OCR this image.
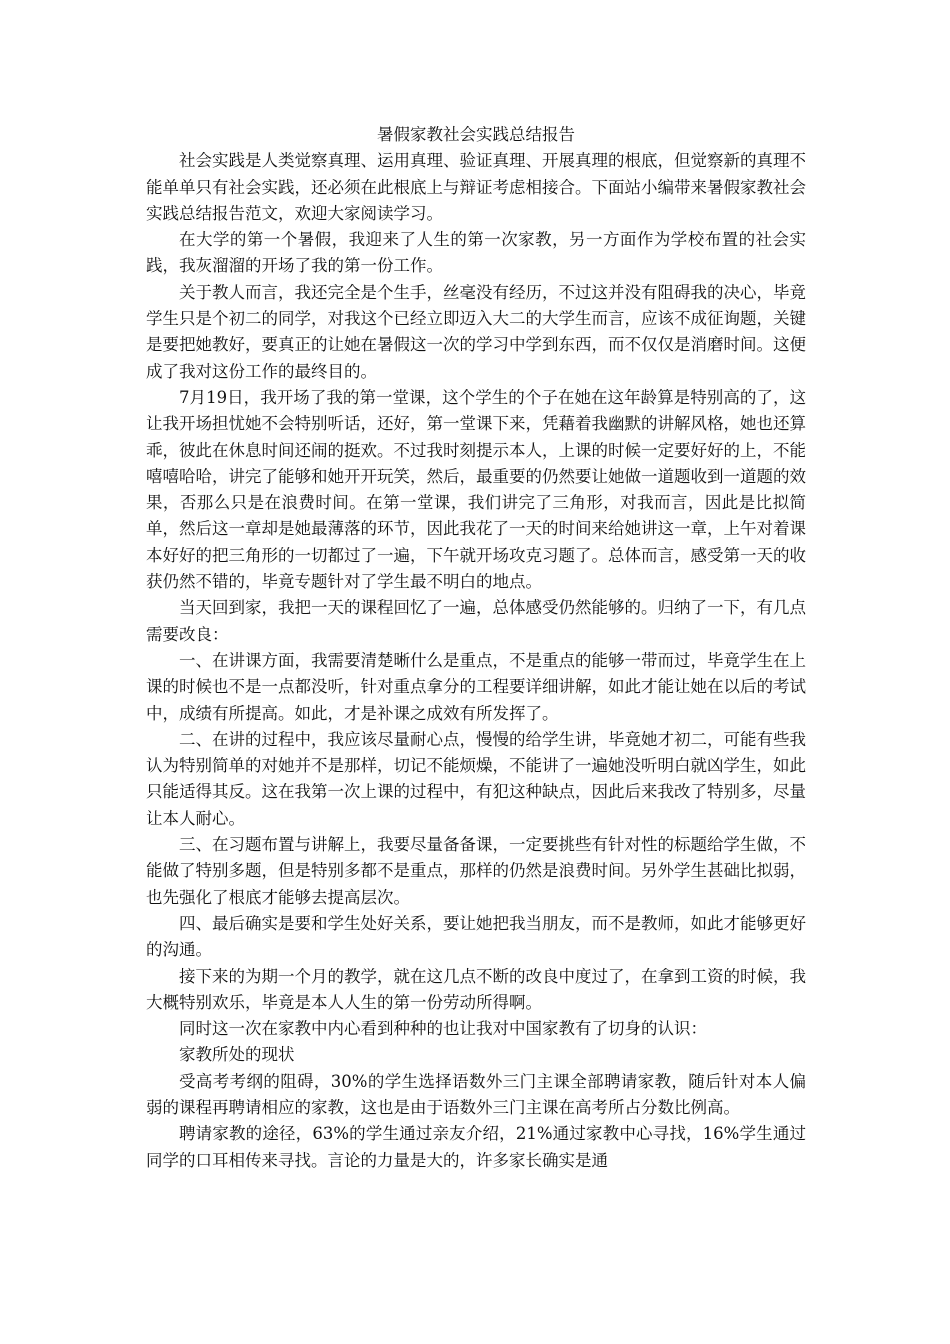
暑假家教社会实践总结报告

社会实践是人类觉察真理、运用真理、验证真理、开展真理的根底，但觉察新的真理不能单单只有社会实践，还必须在此根底上与辩证考虑相接合。下面站小编带来暑假家教社会实践总结报告范文，欢迎大家阅读学习。

在大学的第一个暑假，我迎来了人生的第一次家教，另一方面作为学校布置的社会实践，我灰溜溜的开场了我的第一份工作。

关于教人而言，我还完全是个生手，丝毫没有经历，不过这并没有阻碍我的决心，毕竟学生只是个初二的同学，对我这个已经立即迈入大二的大学生而言，应该不成征询题，关键是要把她教好，要真正的让她在暑假这一次的学习中学到东西，而不仅仅是消磨时间。这便成了我对这份工作的最终目的。

7月19日，我开场了我的第一堂课，这个学生的个子在她在这年龄算是特别高的了，这让我开场担忧她不会特别听话，还好，第一堂课下来，凭藉着我幽默的讲解风格，她也还算乖，彼此在休息时间还闹的挺欢。不过我时刻提示本人，上课的时候一定要好好的上，不能嘻嘻哈哈，讲完了能够和她开开玩笑，然后，最重要的仍然要让她做一道题收到一道题的效果，否那么只是在浪费时间。在第一堂课，我们讲完了三角形，对我而言，因此是比拟简单，然后这一章却是她最薄落的环节，因此我花了一天的时间来给她讲这一章，上午对着课本好好的把三角形的一切都过了一遍，下午就开场攻克习题了。总体而言，感受第一天的收获仍然不错的，毕竟专题针对了学生最不明白的地点。

当天回到家，我把一天的课程回忆了一遍，总体感受仍然能够的。归纳了一下，有几点需要改良：

一、在讲课方面，我需要清楚晰什么是重点，不是重点的能够一带而过，毕竟学生在上课的时候也不是一点都没听，针对重点拿分的工程要详细讲解，如此才能让她在以后的考试中，成绩有所提高。如此，才是补课之成效有所发挥了。

二、在讲的过程中，我应该尽量耐心点，慢慢的给学生讲，毕竟她才初二，可能有些我认为特别简单的对她并不是那样，切记不能烦燥，不能讲了一遍她没听明白就凶学生，如此只能适得其反。这在我第一次上课的过程中，有犯这种缺点，因此后来我改了特别多，尽量让本人耐心。

三、在习题布置与讲解上，我要尽量备备课，一定要挑些有针对性的标题给学生做，不能做了特别多题，但是特别多都不是重点，那样的仍然是浪费时间。另外学生甚础比拟弱，也先强化了根底才能够去提高层次。

四、最后确实是要和学生处好关系，要让她把我当朋友，而不是教师，如此才能够更好的沟通。

接下来的为期一个月的教学，就在这几点不断的改良中度过了，在拿到工资的时候，我大概特别欢乐，毕竟是本人人生的第一份劳动所得啊。

同时这一次在家教中内心看到种种的也让我对中国家教有了切身的认识：

家教所处的现状

受高考考纲的阻碍，30%的学生选择语数外三门主课全部聘请家教，随后针对本人偏弱的课程再聘请相应的家教，这也是由于语数外三门主课在高考所占分数比例高。

聘请家教的途径，63%的学生通过亲友介绍，21%通过家教中心寻找，16%学生通过同学的口耳相传来寻找。言论的力量是大的，许多家长确实是通
